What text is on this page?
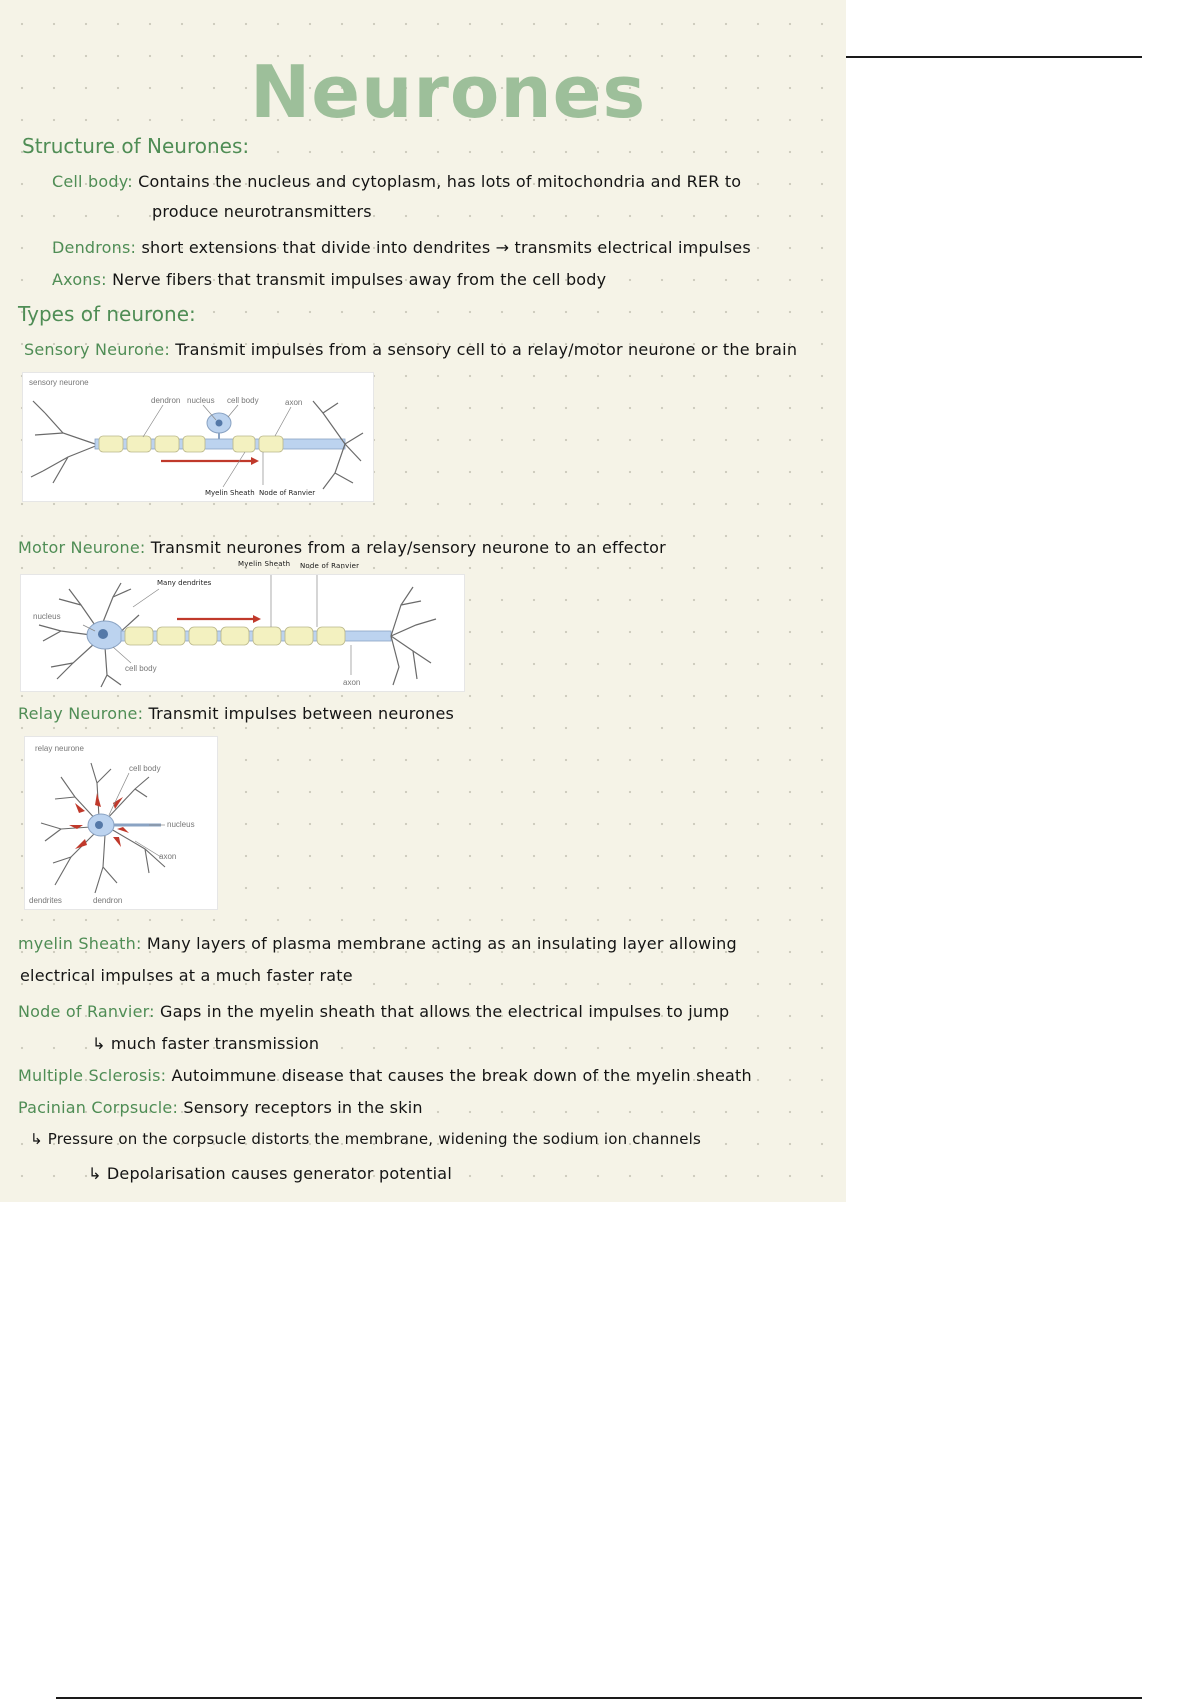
Neurones
Structure of Neurones:
Cell body: Contains the nucleus and cytoplasm, has lots of mitochondria and RER to
produce neurotransmitters
Dendrons: short extensions that divide into dendrites → transmits electrical impulses
Axons: Nerve fibers that transmit impulses away from the cell body
Types of neurone:
Sensory Neurone: Transmit impulses from a sensory cell to a relay/motor neurone or the brain
sensory neurone
dendron nucleus cell body	axon
Myelin Sheath Node of Ranvier
Motor Neurone: Transmit neurones from a relay/sensory neurone to an effector
Many dendrites
nucleus
cell body
axon
Myelin Sheath Node of Ranvier
Relay Neurone: Transmit impulses between neurones
relay neurone
cell body
nucleus
axon
dendrites	dendron
myelin Sheath: Many layers of plasma membrane acting as an insulating layer allowing
electrical impulses at a much faster rate
Node of Ranvier: Gaps in the myelin sheath that allows the electrical impulses to jump
↳ much faster transmission
Multiple Sclerosis: Autoimmune disease that causes the break down of the myelin sheath
Pacinian Corpsucle: Sensory receptors in the skin
↳ Pressure on the corpsucle distorts the membrane, widening the sodium ion channels
↳ Depolarisation causes generator potential
